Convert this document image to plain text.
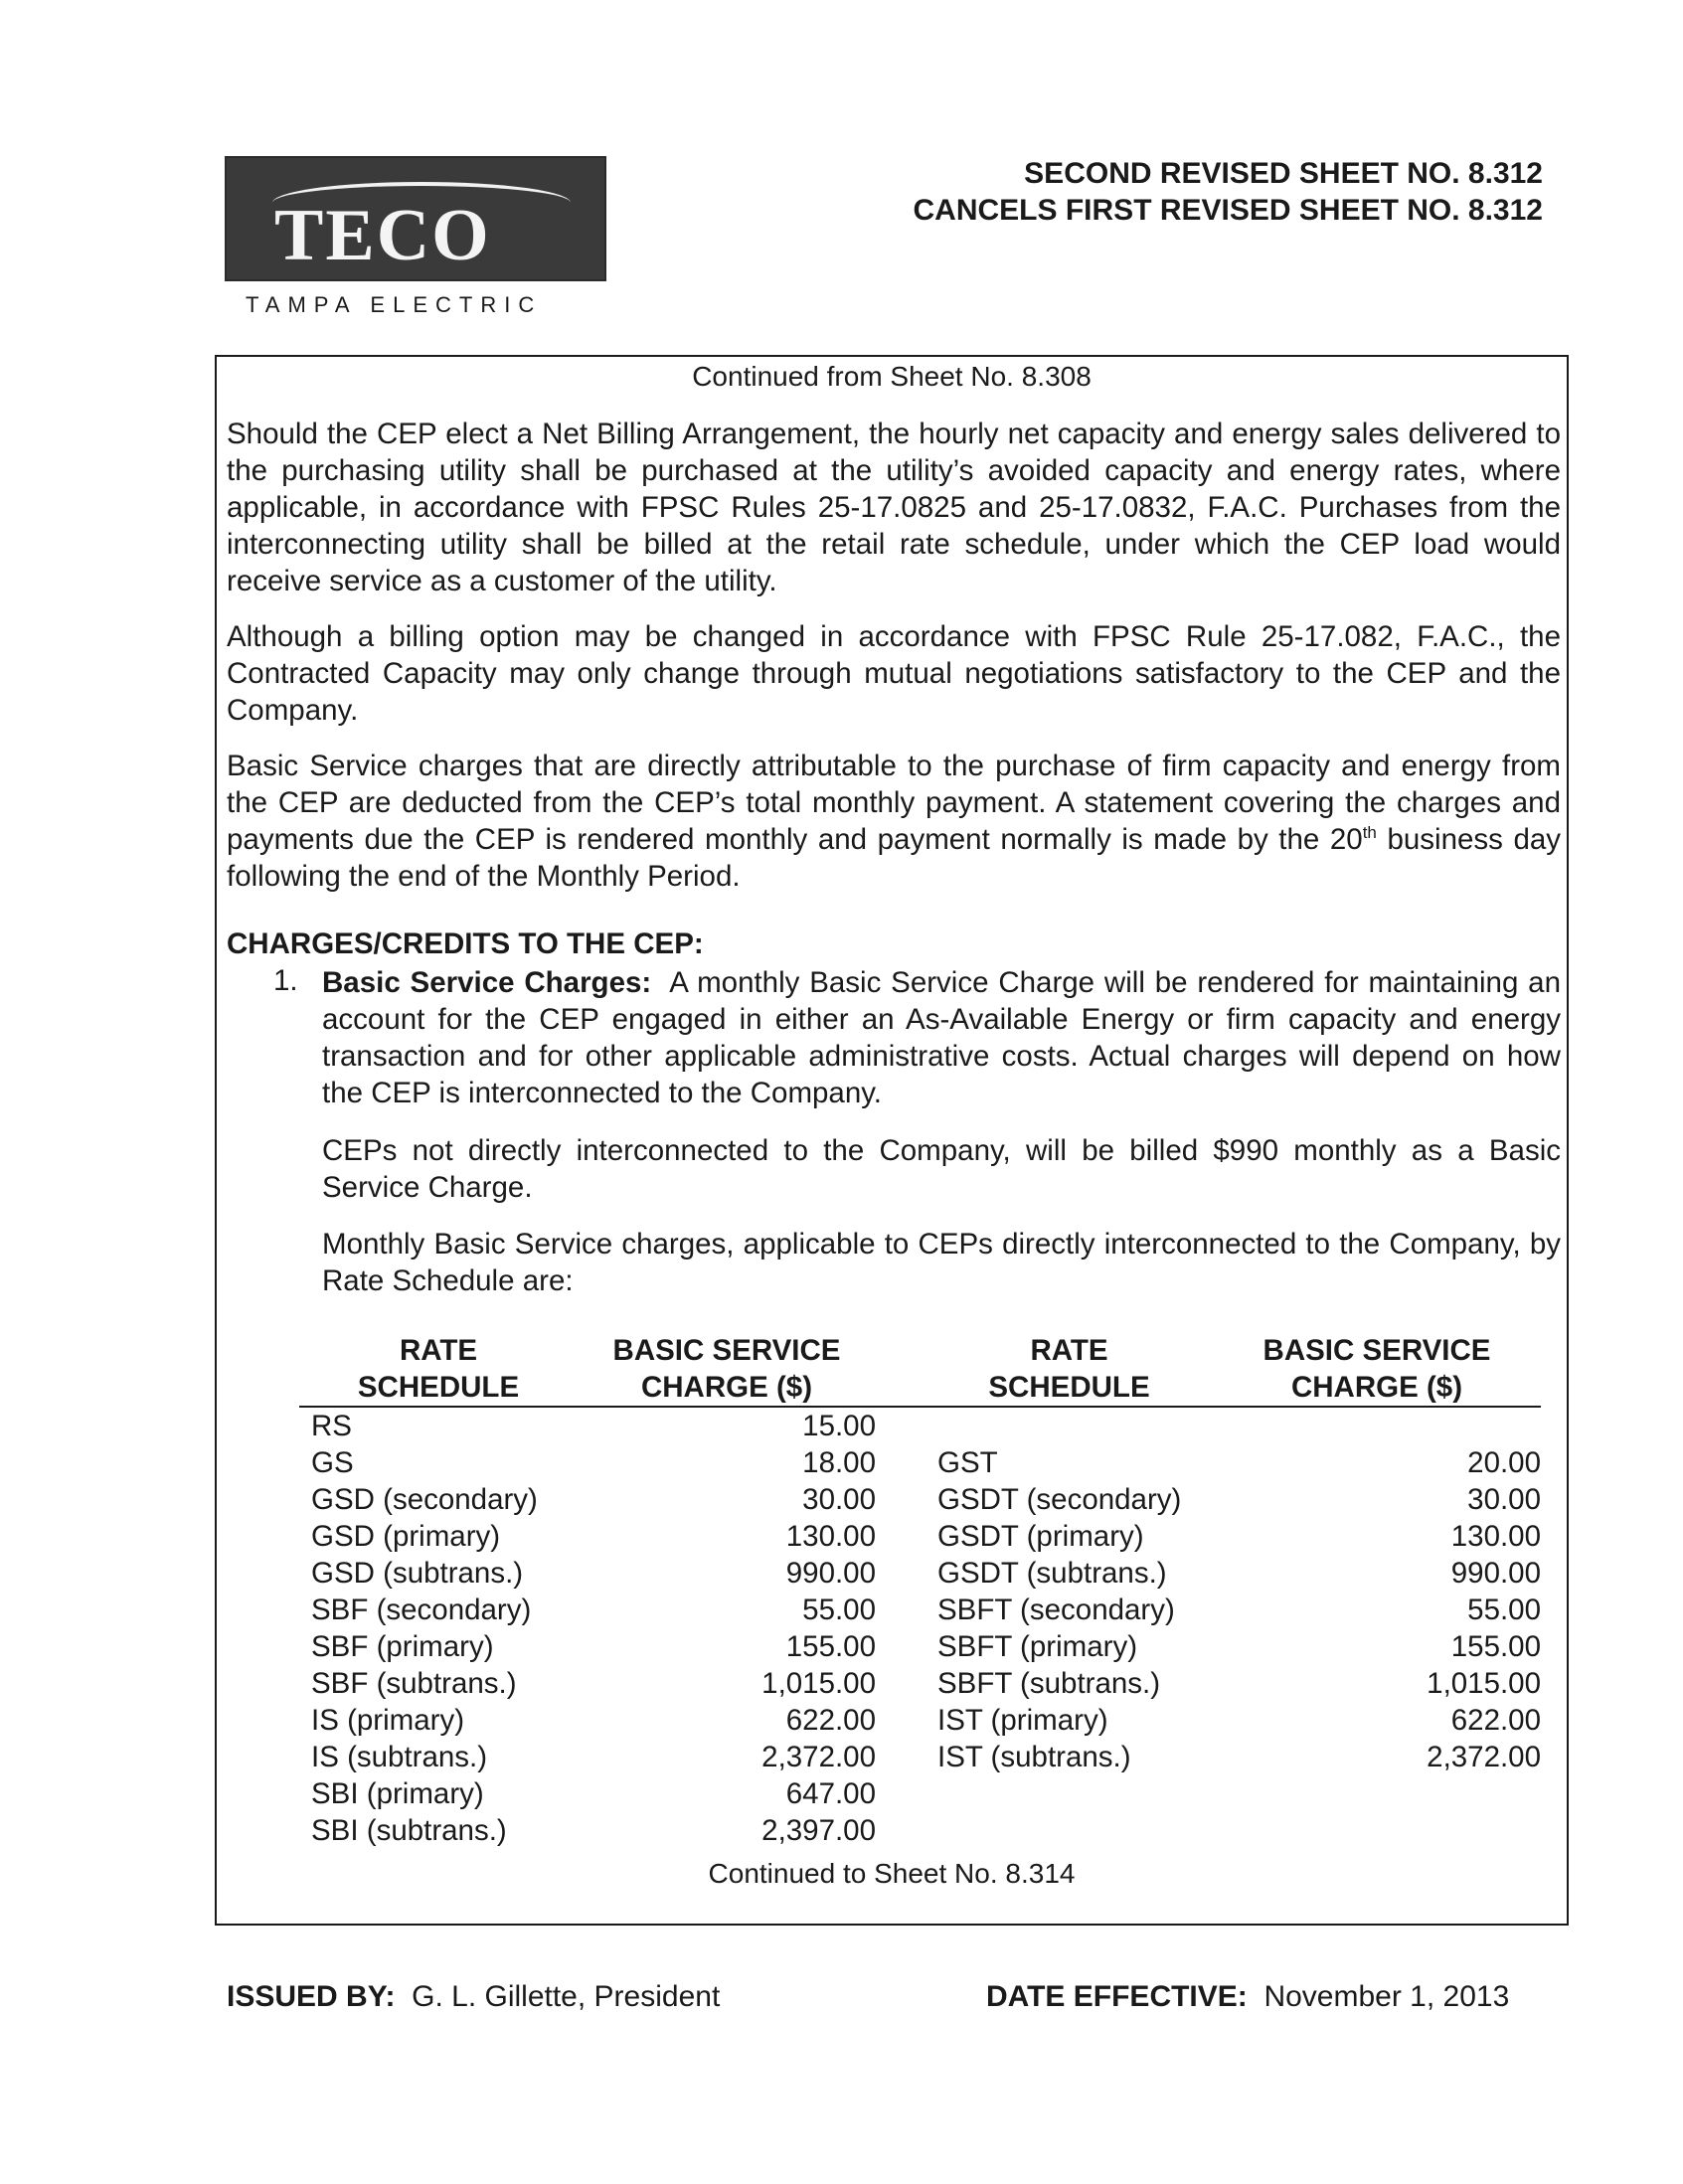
TECO
TAMPA ELECTRIC
SECOND REVISED SHEET NO. 8.312
CANCELS FIRST REVISED SHEET NO. 8.312
Continued from Sheet No. 8.308
Continued to Sheet No. 8.314

Should the CEP elect a Net Billing Arrangement, the hourly net capacity and energy sales delivered to the purchasing utility shall be purchased at the utility’s avoided capacity and energy rates, where applicable, in accordance with FPSC Rules 25-17.0825 and 25-17.0832, F.A.C. Purchases from the interconnecting utility shall be billed at the retail rate schedule, under which the CEP load would receive service as a customer of the utility.

Although a billing option may be changed in accordance with FPSC Rule 25-17.082, F.A.C., the Contracted Capacity may only change through mutual negotiations satisfactory to the CEP and the Company.

Basic Service charges that are directly attributable to the purchase of firm capacity and energy from the CEP are deducted from the CEP’s total monthly payment. A statement covering the charges and payments due the CEP is rendered monthly and payment normally is made by the 20th business day following the end of the Monthly Period.

CHARGES/CREDITS TO THE CEP:
1. Basic Service Charges: A monthly Basic Service Charge will be rendered for maintaining an account for the CEP engaged in either an As-Available Energy or firm capacity and energy transaction and for other applicable administrative costs. Actual charges will depend on how the CEP is interconnected to the Company.

CEPs not directly interconnected to the Company, will be billed $990 monthly as a Basic Service Charge.

Monthly Basic Service charges, applicable to CEPs directly interconnected to the Company, by Rate Schedule are:

RATE
SCHEDULE	BASIC SERVICE
CHARGE ($)		RATE
SCHEDULE	BASIC SERVICE
CHARGE ($)
RS	15.00			
GS	18.00		GST	20.00
GSD (secondary)	30.00		GSDT (secondary)	30.00
GSD (primary)	130.00		GSDT (primary)	130.00
GSD (subtrans.)	990.00		GSDT (subtrans.)	990.00
SBF (secondary)	55.00		SBFT (secondary)	55.00
SBF (primary)	155.00		SBFT (primary)	155.00
SBF (subtrans.)	1,015.00		SBFT (subtrans.)	1,015.00
IS (primary)	622.00		IST (primary)	622.00
IS (subtrans.)	2,372.00		IST (subtrans.)	2,372.00
SBI (primary)	647.00			
SBI (subtrans.)	2,397.00			
ISSUED BY: G. L. Gillette, President	DATE EFFECTIVE: November 1, 2013
